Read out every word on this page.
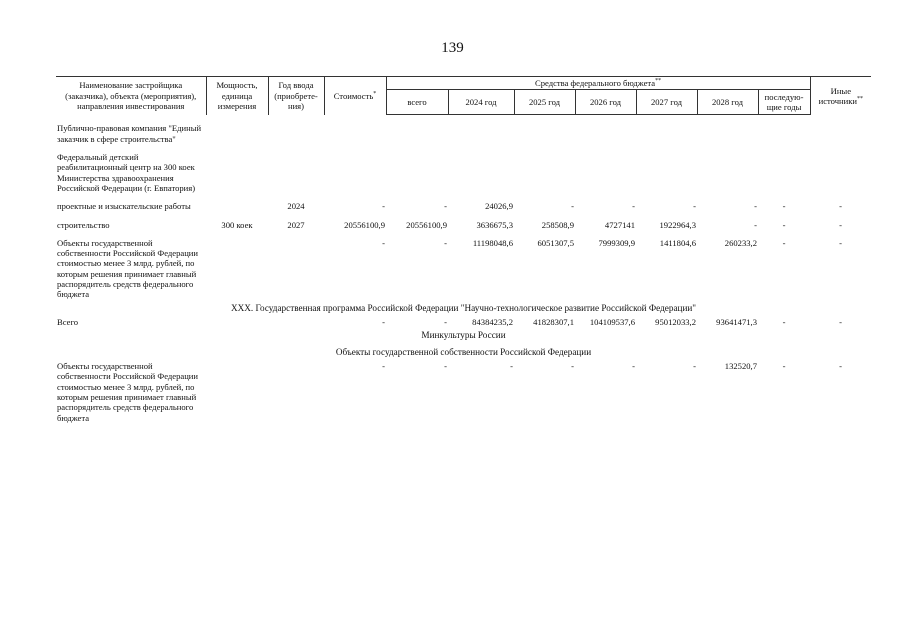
139
Наименование застройщика (заказчика), объекта (мероприятия), направления инвестирования	Мощность, единица измерения	Год ввода (приобрете- ния)	Стоимость*	Средства федерального бюджета**							Иные источники**
				всего	2024 год	2025 год	2026 год	2027 год	2028 год	последую- щие годы	

Публично-правовая компания "Единый заказчик в сфере строительства"											

Федеральный детский реабилитационный центр на 300 коек Министерства здравоохранения Российской Федерации (г. Евпатория)											

проектные и изыскательские работы		2024	-	-	24026,9	-	-	-	-	-	-

строительство	300 коек	2027	20556100,9	20556100,9	3636675,3	258508,9	4727141	1922964,3	-	-	-

Объекты государственной собственности Российской Федерации стоимостью менее 3 млрд. рублей, по которым решения принимает главный распорядитель средств федерального бюджета			-	-	11198048,6	6051307,5	7999309,9	1411804,6	260233,2	-	-
XXX. Государственная программа Российской Федерации "Научно-технологическое развитие Российской Федерации"											
Всего			-	-	84384235,2	41828307,1	104109537,6	95012033,2	93641471,3	-	-
Минкультуры России											
Объекты государственной собственности Российской Федерации											
Объекты государственной собственности Российской Федерации стоимостью менее 3 млрд. рублей, по которым решения принимает главный распорядитель средств федерального бюджета			-	-	-	-	-	-	132520,7	-	-
